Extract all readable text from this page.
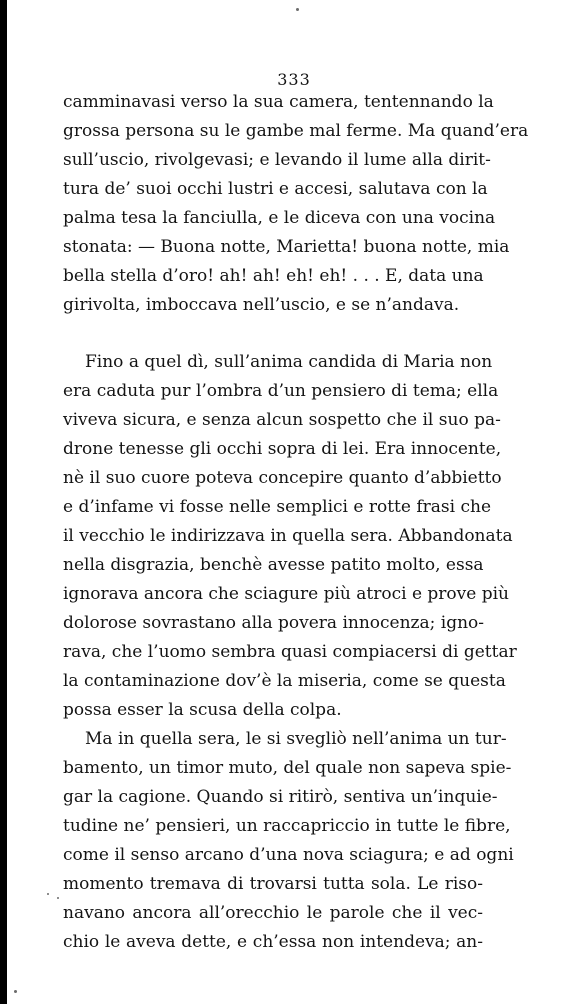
333
camminavasi verso la sua camera, tentennando la
grossa persona su le gambe mal ferme. Ma quand’era
sull’uscio, rivolgevasi; e levando il lume alla dirit-
tura de’ suoi occhi lustri e accesi, salutava con la
palma tesa la fanciulla, e le diceva con una vocina
stonata: — Buona notte, Marietta! buona notte, mia
bella stella d’oro! ah! ah! eh! eh! . . . E, data una
girivolta, imboccava nell’uscio, e se n’andava.
Fino a quel dì, sull’anima candida di Maria non
era caduta pur l’ombra d’un pensiero di tema; ella
viveva sicura, e senza alcun sospetto che il suo pa-
drone tenesse gli occhi sopra di lei. Era innocente,
nè il suo cuore poteva concepire quanto d’abbietto
e d’infame vi fosse nelle semplici e rotte frasi che
il vecchio le indirizzava in quella sera. Abbandonata
nella disgrazia, benchè avesse patito molto, essa
ignorava ancora che sciagure più atroci e prove più
dolorose sovrastano alla povera innocenza; igno-
rava, che l’uomo sembra quasi compiacersi di gettar
la contaminazione dov’è la miseria, come se questa
possa esser la scusa della colpa.
Ma in quella sera, le si svegliò nell’anima un tur-
bamento, un timor muto, del quale non sapeva spie-
gar la cagione. Quando si ritirò, sentiva un’inquie-
tudine ne’ pensieri, un raccapriccio in tutte le fibre,
come il senso arcano d’una nova sciagura; e ad ogni
momento tremava di trovarsi tutta sola. Le riso-
navano ancora all’orecchio le parole che il vec-
chio le aveva dette, e ch’essa non intendeva; an-
